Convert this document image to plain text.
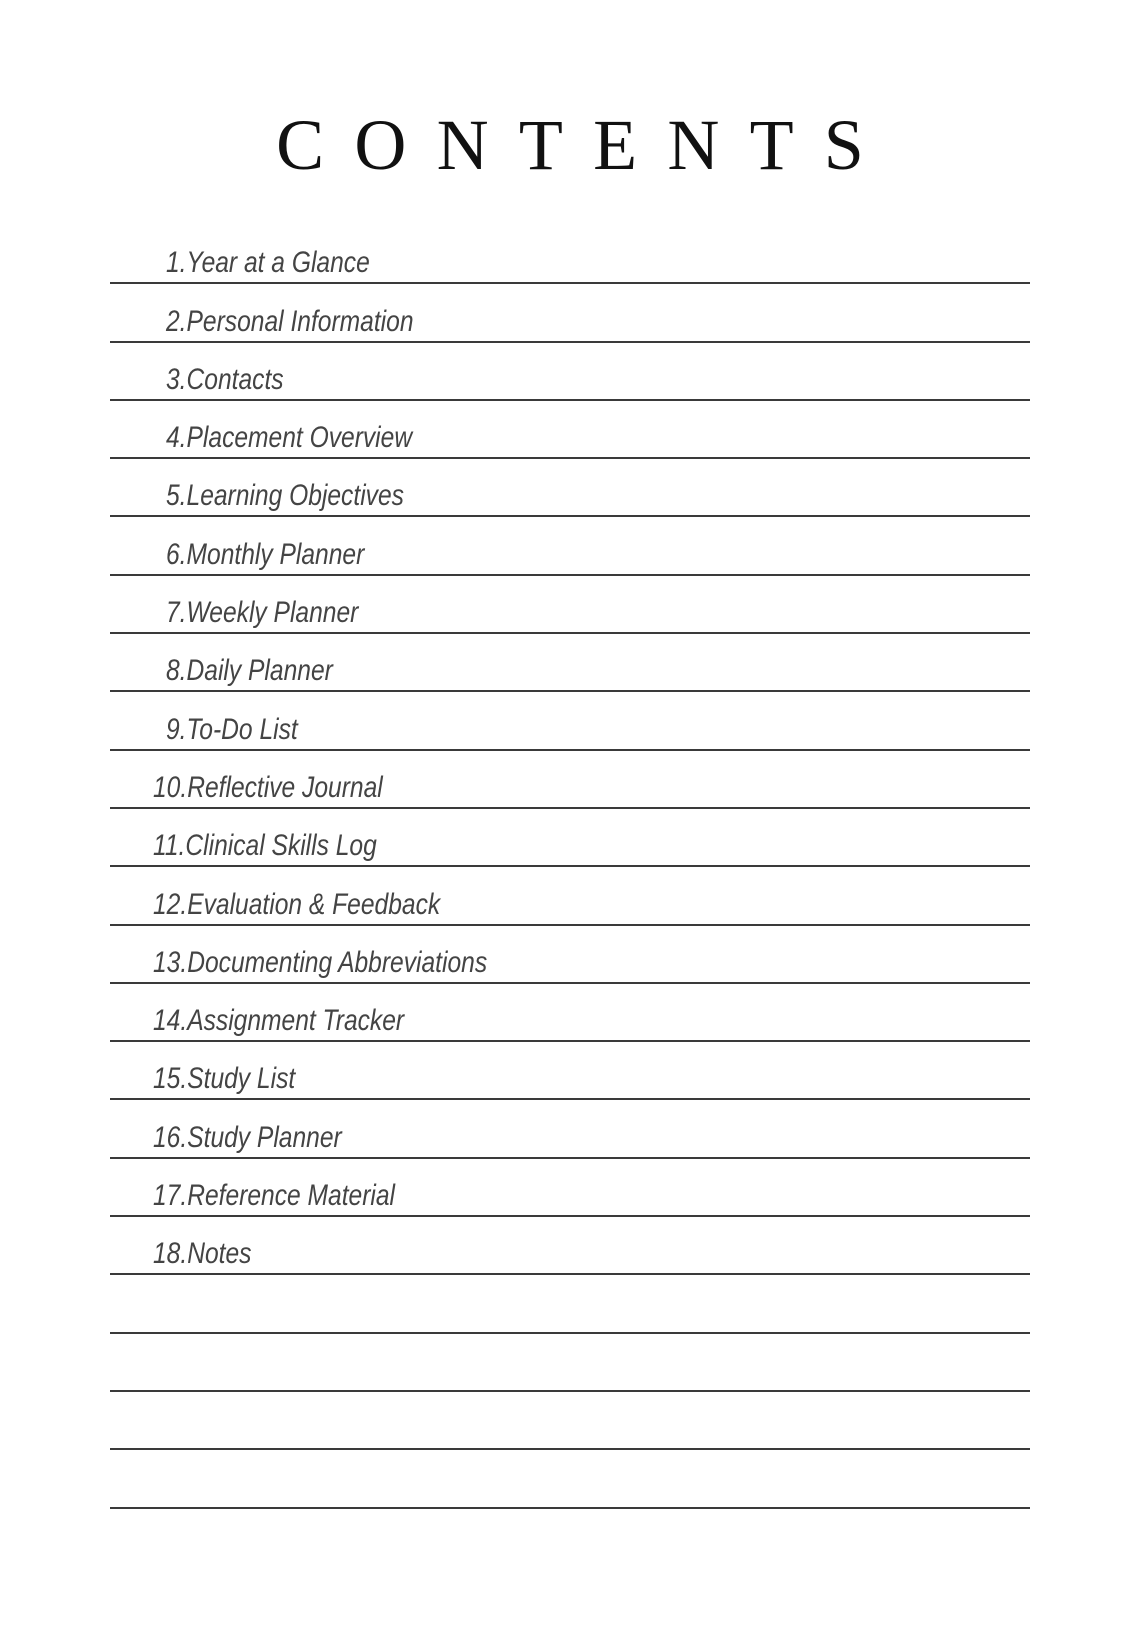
CONTENTS
1.Year at a Glance
2.Personal Information
3.Contacts
4.Placement Overview
5.Learning Objectives
6.Monthly Planner
7.Weekly Planner
8.Daily Planner
9.To-Do List
10.Reflective Journal
11.Clinical Skills Log
12.Evaluation & Feedback
13.Documenting Abbreviations
14.Assignment Tracker
15.Study List
16.Study Planner
17.Reference Material
18.Notes
